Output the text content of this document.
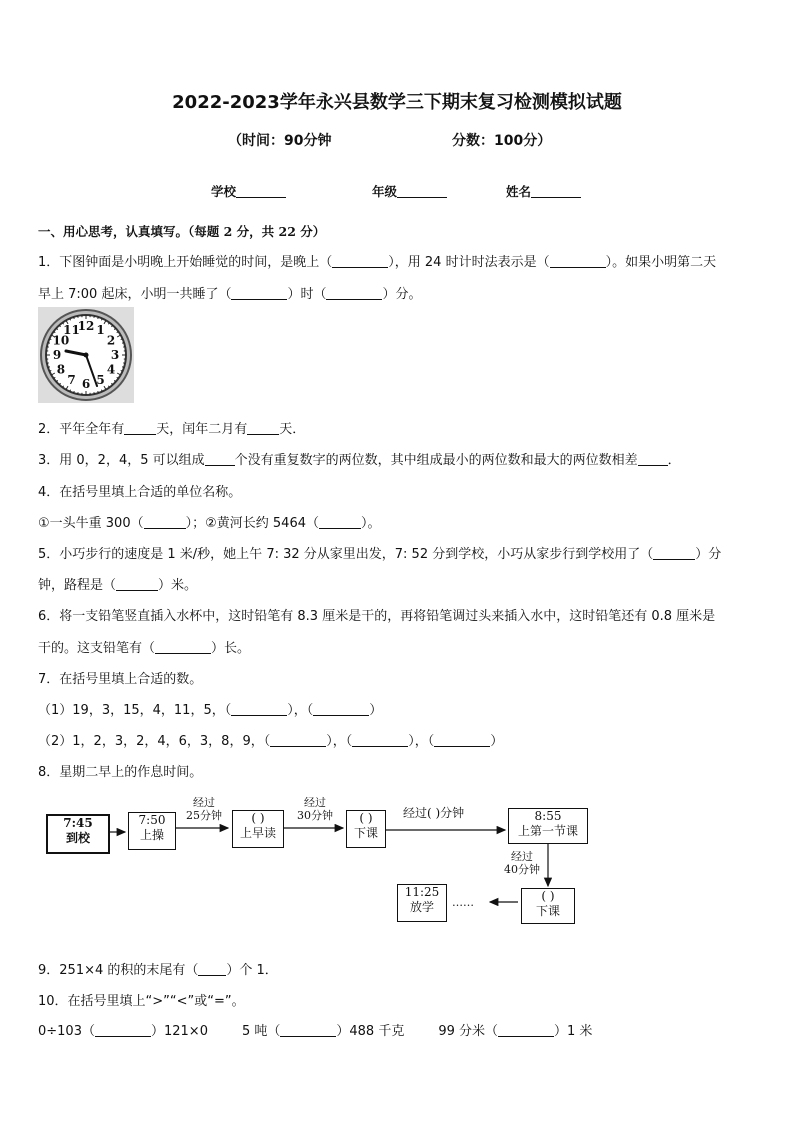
2022-2023学年永兴县数学三下期末复习检测模拟试题
（时间：90分钟	分数：100分）
学校	年级	姓名
一、用心思考，认真填写。（每题 2 分，共 22 分）
1．下图钟面是小明晚上开始睡觉的时间，是晚上（	），用 24 时计时法表示是（	）。如果小明第二天
早上 7:00 起床，小明一共睡了（	）时（	）分。
12 1
2
3
4
5
6
7
8
9
10
11
2．平年全年有 天，闰年二月有 天．
3．用 0，2，4，5 可以组成 个没有重复数字的两位数，其中组成最小的两位数和最大的两位数相差 ．
4．在括号里填上合适的单位名称。
①一头牛重 300（	）；②黄河长约 5464（	）。
5．小巧步行的速度是 1 米/秒，她上午 7: 32 分从家里出发，7: 52 分到学校，小巧从家步行到学校用了（	）分
钟，路程是（	）米。
6．将一支铅笔竖直插入水杯中，这时铅笔有 8.3 厘米是干的，再将铅笔调过头来插入水中，这时铅笔还有 0.8 厘米是
干的。这支铅笔有（	）长。
7．在括号里填上合适的数。
（1）19，3，15，4，11，5，（	），（	）
（2）1，2，3，2，4，6，3，8，9，（	），（	），（	）
8．星期二早上的作息时间。
7:45
到校
7:50
上操
( )
上早读
( )
下课
8:55
上第一节课
( )
下课
11:25
放学
经过
25分钟
经过
30分钟	经过( )分钟
经过
40分钟
……
9．251×4 的积的末尾有（ ）个 1．
10．在括号里填上“>”“<”或“=”。
0÷103（	）121×0	5 吨（	）488 千克	99 分米（	）1 米
